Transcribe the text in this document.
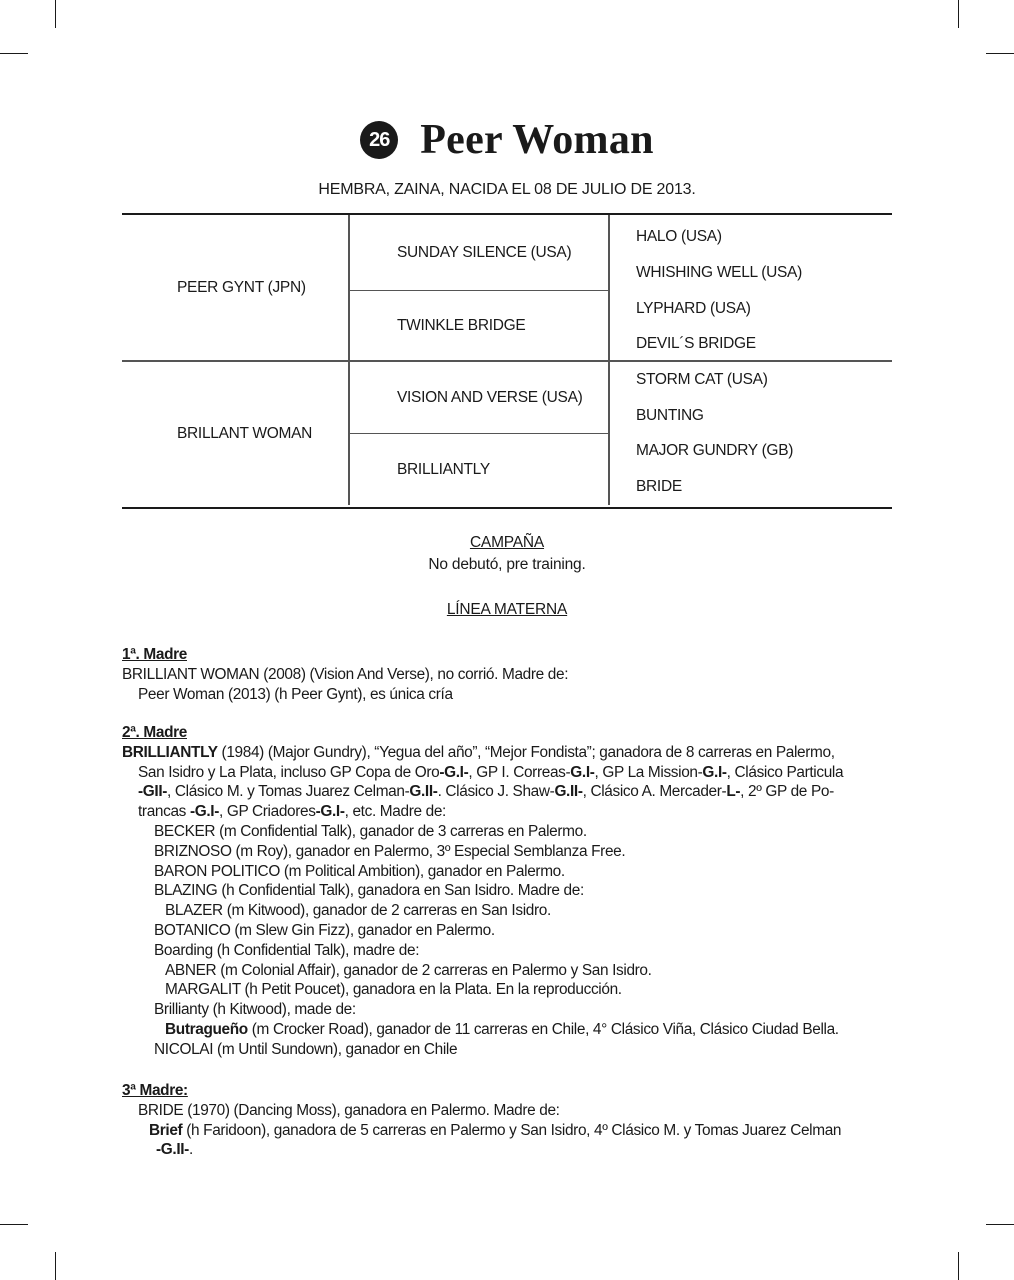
26 Peer Woman
HEMBRA, ZAINA, NACIDA EL 08 DE JULIO DE 2013.
PEER GYNT (JPN)
BRILLANT WOMAN
SUNDAY SILENCE (USA)
TWINKLE BRIDGE
VISION AND VERSE (USA)
BRILLIANTLY
HALO (USA)
WHISHING WELL (USA)
LYPHARD (USA)
DEVIL´S BRIDGE
STORM CAT (USA)
BUNTING
MAJOR GUNDRY (GB)
BRIDE
CAMPAÑA
No debutó, pre training.
LÍNEA MATERNA
1ª. Madre
BRILLIANT WOMAN (2008) (Vision And Verse), no corrió. Madre de:
Peer Woman (2013) (h Peer Gynt), es única cría
2ª. Madre
BRILLIANTLY (1984) (Major Gundry), “Yegua del año”, “Mejor Fondista”; ganadora de 8 carreras en Palermo,
San Isidro y La Plata, incluso GP Copa de Oro-G.I-, GP I. Correas-G.I-, GP La Mission-G.I-, Clásico Particula
-GII-, Clásico M. y Tomas Juarez Celman-G.II-. Clásico J. Shaw-G.II-, Clásico A. Mercader-L-, 2º GP de Po-
trancas -G.I-, GP Criadores-G.I-, etc. Madre de:
BECKER (m Confidential Talk), ganador de 3 carreras en Palermo.
BRIZNOSO (m Roy), ganador en Palermo, 3º Especial Semblanza Free.
BARON POLITICO (m Political Ambition), ganador en Palermo.
BLAZING (h Confidential Talk), ganadora en San Isidro. Madre de:
BLAZER (m Kitwood), ganador de 2 carreras en San Isidro.
BOTANICO (m Slew Gin Fizz), ganador en Palermo.
Boarding (h Confidential Talk), madre de:
ABNER (m Colonial Affair), ganador de 2 carreras en Palermo y San Isidro.
MARGALIT (h Petit Poucet), ganadora en la Plata. En la reproducción.
Brillianty (h Kitwood), made de:
Butragueño (m Crocker Road), ganador de 11 carreras en Chile, 4° Clásico Viña, Clásico Ciudad Bella.
NICOLAI (m Until Sundown), ganador en Chile
3ª Madre:
BRIDE (1970) (Dancing Moss), ganadora en Palermo. Madre de:
Brief (h Faridoon), ganadora de 5 carreras en Palermo y San Isidro, 4º Clásico M. y Tomas Juarez Celman
-G.II-.
